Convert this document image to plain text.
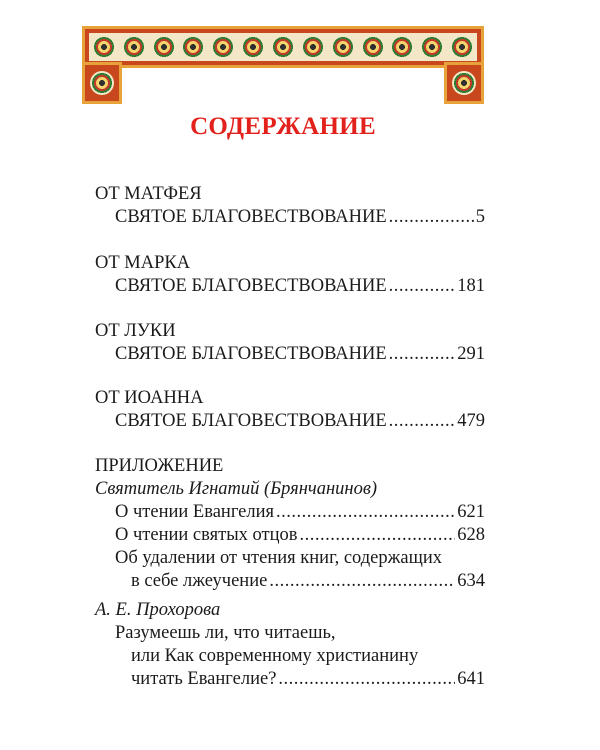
СОДЕРЖАНИЕ
ОТ МАТФЕЯ
СВЯТОЕ БЛАГОВЕСТВОВАНИЕ .....	5
ОТ МАРКА
СВЯТОЕ БЛАГОВЕСТВОВАНИЕ .....	181
ОТ ЛУКИ
СВЯТОЕ БЛАГОВЕСТВОВАНИЕ .....	291
ОТ ИОАННА
СВЯТОЕ БЛАГОВЕСТВОВАНИЕ .....	479
ПРИЛОЖЕНИЕ
Святитель Игнатий (Брянчанинов)
О чтении Евангелия .....	621
О чтении святых отцов .....	628
Об удалении от чтения книг, содержащих
в себе лжеучение .....	634
А. Е. Прохорова
Разумеешь ли, что читаешь,
или Как современному христианину
читать Евангелие? .....	641
